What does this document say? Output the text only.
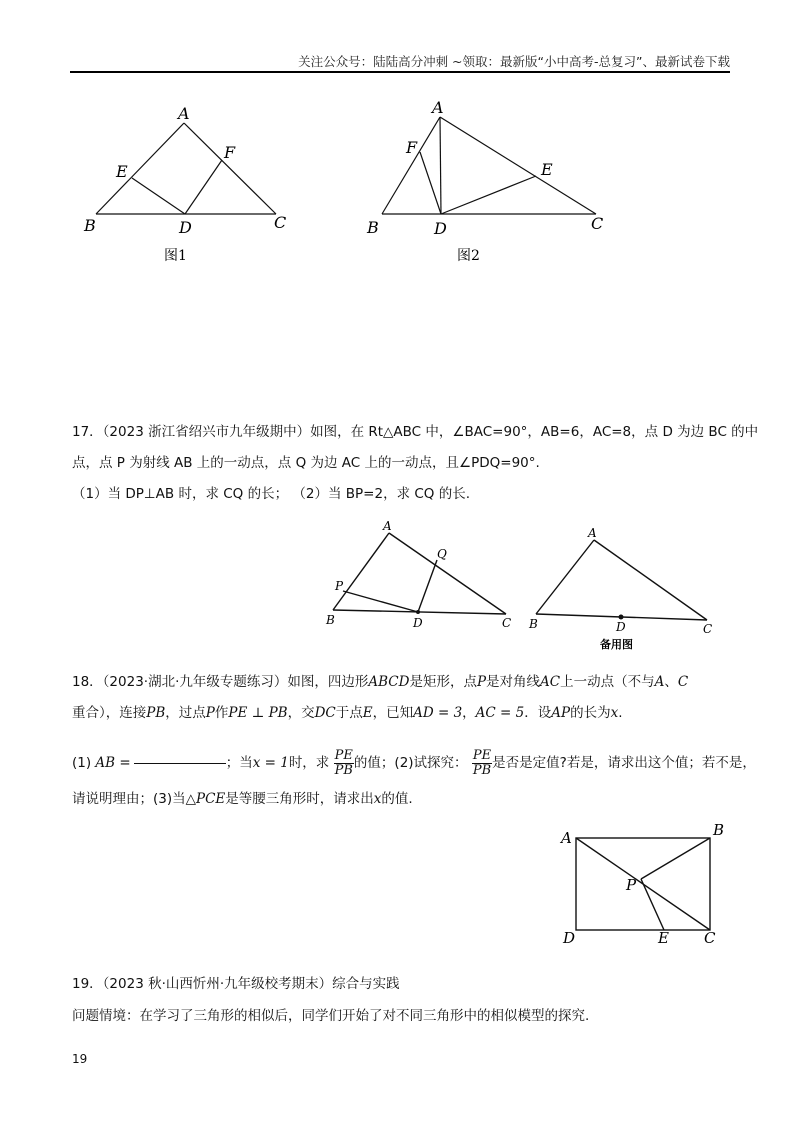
关注公众号：陆陆高分冲刺 ~领取：最新版“小中高考-总复习”、最新试卷下载
A
B	C
D
E
F
图1
A
B	C
D
E
F
图2
17．（2023 浙江省绍兴市九年级期中）如图，在 Rt△ABC 中，∠BAC=90°，AB=6，AC=8，点 D 为边 BC 的中
点，点 P 为射线 AB 上的一动点，点 Q 为边 AC 上的一动点，且∠PDQ=90°.
（1）当 DP⊥AB 时，求 CQ 的长； （2）当 BP=2，求 CQ 的长.
A
B	C
D
P
Q
A
B	C
D
备用图
18．（2023·湖北·九年级专题练习）如图，四边形ABCD是矩形，点P是对角线AC上一动点（不与A、C
重合），连接PB，过点P作PE ⊥ PB，交DC于点E，已知AD = 3，AC = 5．设AP的长为x.
(1) AB =	；当x = 1时，求 $\frac{PE}{PB}$ 的值；(2)试探究： $\frac{PE}{PB}$ 是否是定值?若是，请求出这个值；若不是，
请说明理由；(3)当△PCE是等腰三角形时，请求出x的值.
A	B
C
D	E
P
19．（2023 秋·山西忻州·九年级校考期末）综合与实践
问题情境：在学习了三角形的相似后，同学们开始了对不同三角形中的相似模型的探究.
19
